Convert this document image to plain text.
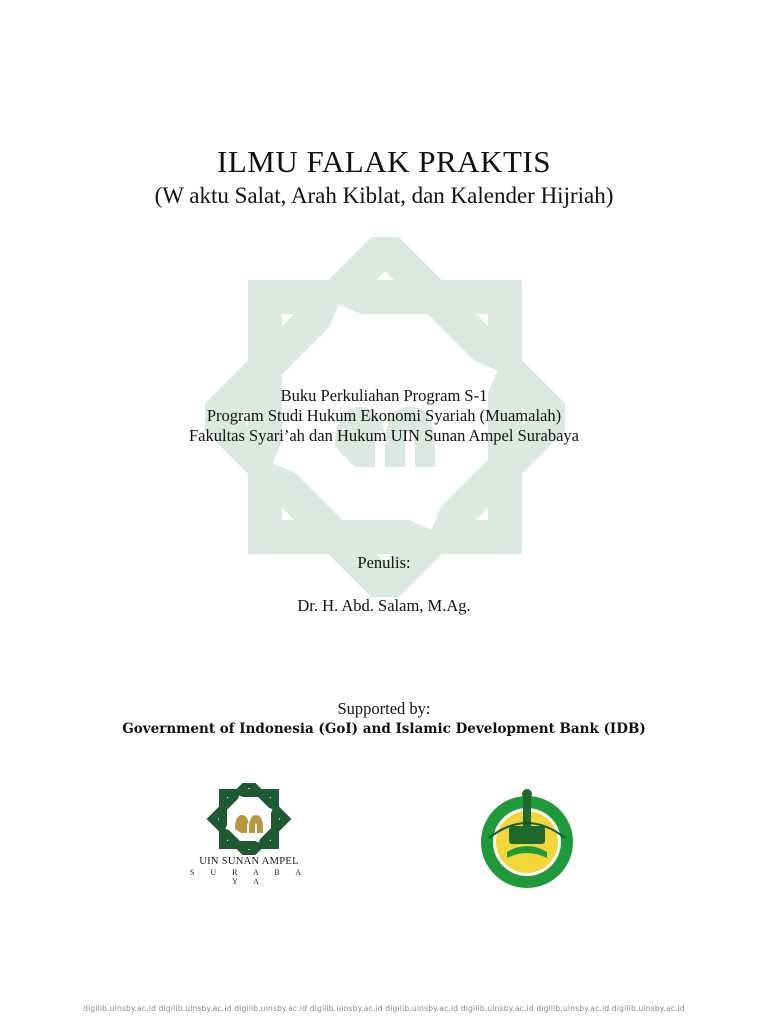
ILMU FALAK PRAKTIS
(W aktu Salat, Arah Kiblat, dan Kalender Hijriah)
Buku Perkuliahan Program S-1
Program Studi Hukum Ekonomi Syariah (Muamalah)
Fakultas Syari’ah dan Hukum UIN Sunan Ampel Surabaya
Penulis:
Dr. H. Abd. Salam, M.Ag.
Supported by:
Government of Indonesia (GoI) and Islamic Development Bank (IDB)
UIN SUNAN AMPEL
S U R A B A Y A
digilib.uinsby.ac.id digilib.uinsby.ac.id digilib.uinsby.ac.id digilib.uinsby.ac.id digilib.uinsby.ac.id digilib.uinsby.ac.id digilib.uinsby.ac.id digilib.uinsby.ac.id
